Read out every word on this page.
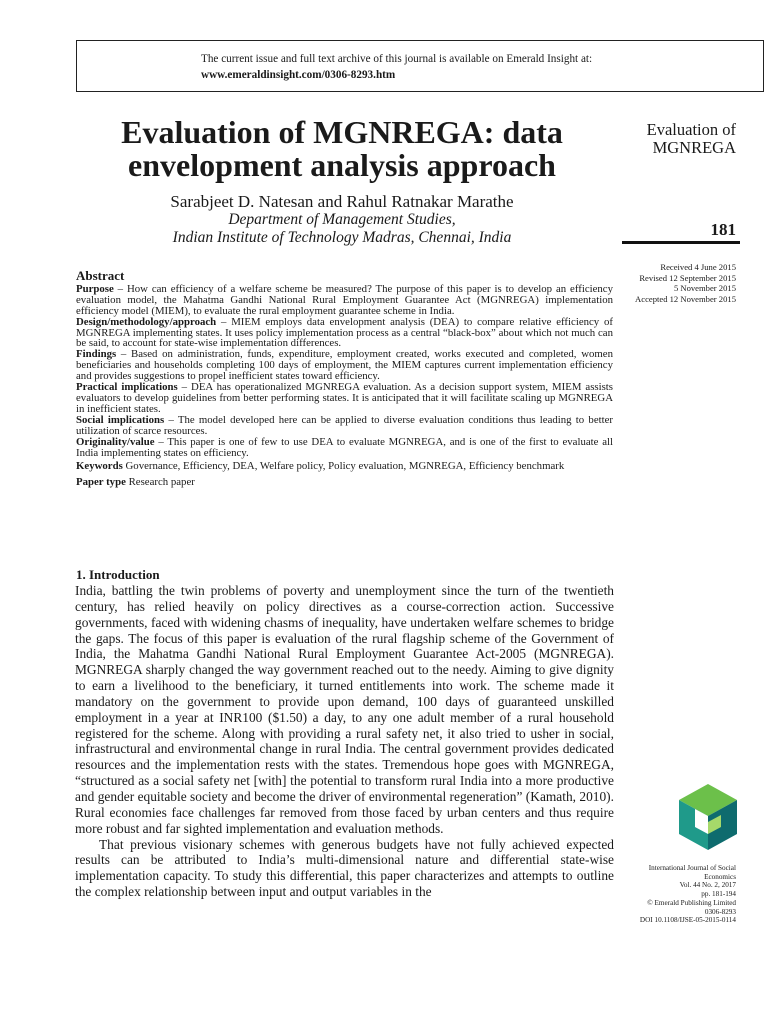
The current issue and full text archive of this journal is available on Emerald Insight at:
www.emeraldinsight.com/0306-8293.htm
Evaluation of MGNREGA: data envelopment analysis approach
Sarabjeet D. Natesan and Rahul Ratnakar Marathe
Department of Management Studies,
Indian Institute of Technology Madras, Chennai, India
Evaluation of
MGNREGA
181
Received 4 June 2015
Revised 12 September 2015
5 November 2015
Accepted 12 November 2015
Abstract

Purpose – How can efficiency of a welfare scheme be measured? The purpose of this paper is to develop an efficiency evaluation model, the Mahatma Gandhi National Rural Employment Guarantee Act (MGNREGA) implementation efficiency model (MIEM), to evaluate the rural employment guarantee scheme in India.

Design/methodology/approach – MIEM employs data envelopment analysis (DEA) to compare relative efficiency of MGNREGA implementing states. It uses policy implementation process as a central “black-box” about which not much can be said, to account for state-wise implementation differences.

Findings – Based on administration, funds, expenditure, employment created, works executed and completed, women beneficiaries and households completing 100 days of employment, the MIEM captures current implementation efficiency and provides suggestions to propel inefficient states toward efficiency.

Practical implications – DEA has operationalized MGNREGA evaluation. As a decision support system, MIEM assists evaluators to develop guidelines from better performing states. It is anticipated that it will facilitate scaling up MGNREGA in inefficient states.

Social implications – The model developed here can be applied to diverse evaluation conditions thus leading to better utilization of scarce resources.

Originality/value – This paper is one of few to use DEA to evaluate MGNREGA, and is one of the first to evaluate all India implementing states on efficiency.

Keywords Governance, Efficiency, DEA, Welfare policy, Policy evaluation, MGNREGA, Efficiency benchmark

Paper type Research paper

1. Introduction

India, battling the twin problems of poverty and unemployment since the turn of the twentieth century, has relied heavily on policy directives as a course-correction action. Successive governments, faced with widening chasms of inequality, have undertaken welfare schemes to bridge the gaps. The focus of this paper is evaluation of the rural flagship scheme of the Government of India, the Mahatma Gandhi National Rural Employment Guarantee Act-2005 (MGNREGA). MGNREGA sharply changed the way government reached out to the needy. Aiming to give dignity to earn a livelihood to the beneficiary, it turned entitlements into work. The scheme made it mandatory on the government to provide upon demand, 100 days of guaranteed unskilled employment in a year at INR100 ($1.50) a day, to any one adult member of a rural household registered for the scheme. Along with providing a rural safety net, it also tried to usher in social, infrastructural and environmental change in rural India. The central government provides dedicated resources and the implementation rests with the states. Tremendous hope goes with MGNREGA, “structured as a social safety net [with] the potential to transform rural India into a more productive and gender equitable society and become the driver of environmental regeneration” (Kamath, 2010). Rural economies face challenges far removed from those faced by urban centers and thus require more robust and far sighted implementation and evaluation methods.

That previous visionary schemes with generous budgets have not fully achieved expected results can be attributed to India’s multi-dimensional nature and differential state-wise implementation capacity. To study this differential, this paper characterizes and attempts to outline the complex relationship between input and output variables in the

International Journal of Social
Economics
Vol. 44 No. 2, 2017
pp. 181-194
© Emerald Publishing Limited
0306-8293
DOI 10.1108/IJSE-05-2015-0114
